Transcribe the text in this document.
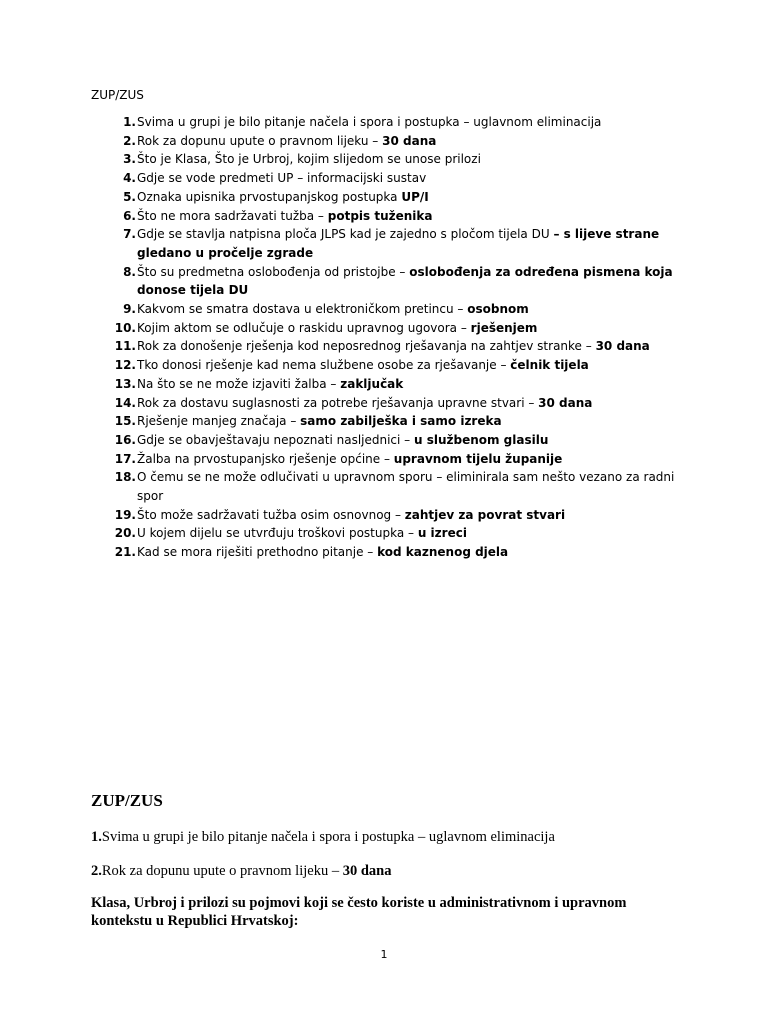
ZUP/ZUS
1. Svima u grupi je bilo pitanje načela i spora i postupka – uglavnom eliminacija
2. Rok za dopunu upute o pravnom lijeku – 30 dana
3. Što je Klasa, Što je Urbroj, kojim slijedom se unose prilozi
4. Gdje se vode predmeti UP – informacijski sustav
5. Oznaka upisnika prvostupanjskog postupka UP/I
6. Što ne mora sadržavati tužba – potpis tuženika
7. Gdje se stavlja natpisna ploča JLPS kad je zajedno s pločom tijela DU – s lijeve strane gledano u pročelje zgrade
8. Što su predmetna oslobođenja od pristojbe – oslobođenja za određena pismena koja donose tijela DU
9. Kakvom se smatra dostava u elektroničkom pretincu – osobnom
10. Kojim aktom se odlučuje o raskidu upravnog ugovora – rješenjem
11. Rok za donošenje rješenja kod neposrednog rješavanja na zahtjev stranke – 30 dana
12. Tko donosi rješenje kad nema službene osobe za rješavanje – čelnik tijela
13. Na što se ne može izjaviti žalba – zaključak
14. Rok za dostavu suglasnosti za potrebe rješavanja upravne stvari – 30 dana
15. Rješenje manjeg značaja – samo zabilješka i samo izreka
16. Gdje se obavještavaju nepoznati nasljednici – u službenom glasilu
17. Žalba na prvostupanjsko rješenje općine – upravnom tijelu županije
18. O čemu se ne može odlučivati u upravnom sporu – eliminirala sam nešto vezano za radni spor
19. Što može sadržavati tužba osim osnovnog – zahtjev za povrat stvari
20. U kojem dijelu se utvrđuju troškovi postupka – u izreci
21. Kad se mora riješiti prethodno pitanje – kod kaznenog djela
ZUP/ZUS
1.Svima u grupi je bilo pitanje načela i spora i postupka – uglavnom eliminacija
2.Rok za dopunu upute o pravnom lijeku – 30 dana
Klasa, Urbroj i prilozi su pojmovi koji se često koriste u administrativnom i upravnom kontekstu u Republici Hrvatskoj:
1
